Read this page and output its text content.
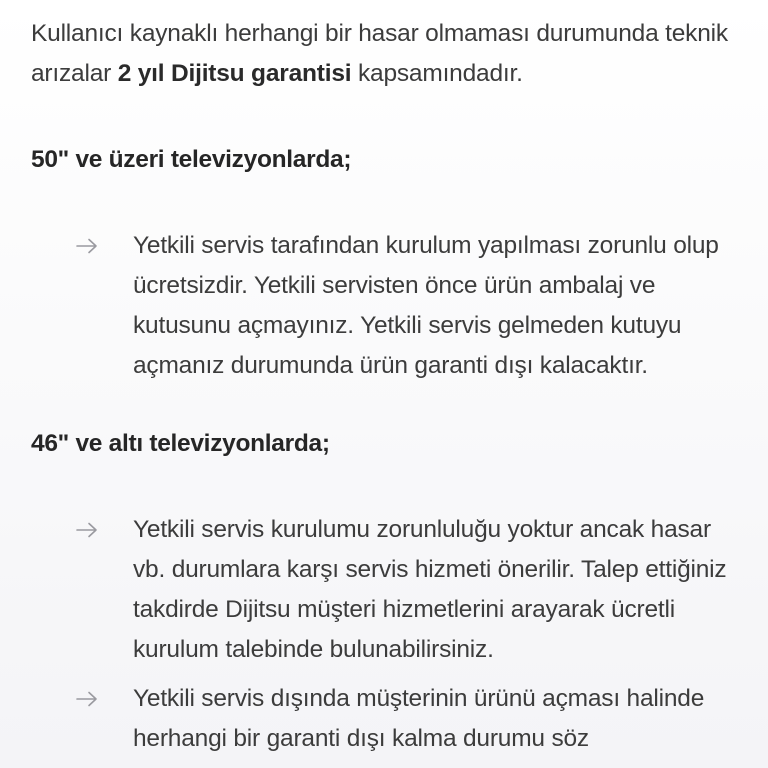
Kullanıcı kaynaklı herhangi bir hasar olmaması durumunda teknik arızalar 2 yıl Dijitsu garantisi kapsamındadır.

50" ve üzeri televizyonlarda;
Yetkili servis tarafından kurulum yapılması zorunlu olup ücretsizdir. Yetkili servisten önce ürün ambalaj ve kutusunu açmayınız. Yetkili servis gelmeden kutuyu açmanız durumunda ürün garanti dışı kalacaktır.
46" ve altı televizyonlarda;
Yetkili servis kurulumu zorunluluğu yoktur ancak hasar vb. durumlara karşı servis hizmeti önerilir. Talep ettiğiniz takdirde Dijitsu müşteri hizmetlerini arayarak ücretli kurulum talebinde bulunabilirsiniz.
Yetkili servis dışında müşterinin ürünü açması halinde herhangi bir garanti dışı kalma durumu söz
